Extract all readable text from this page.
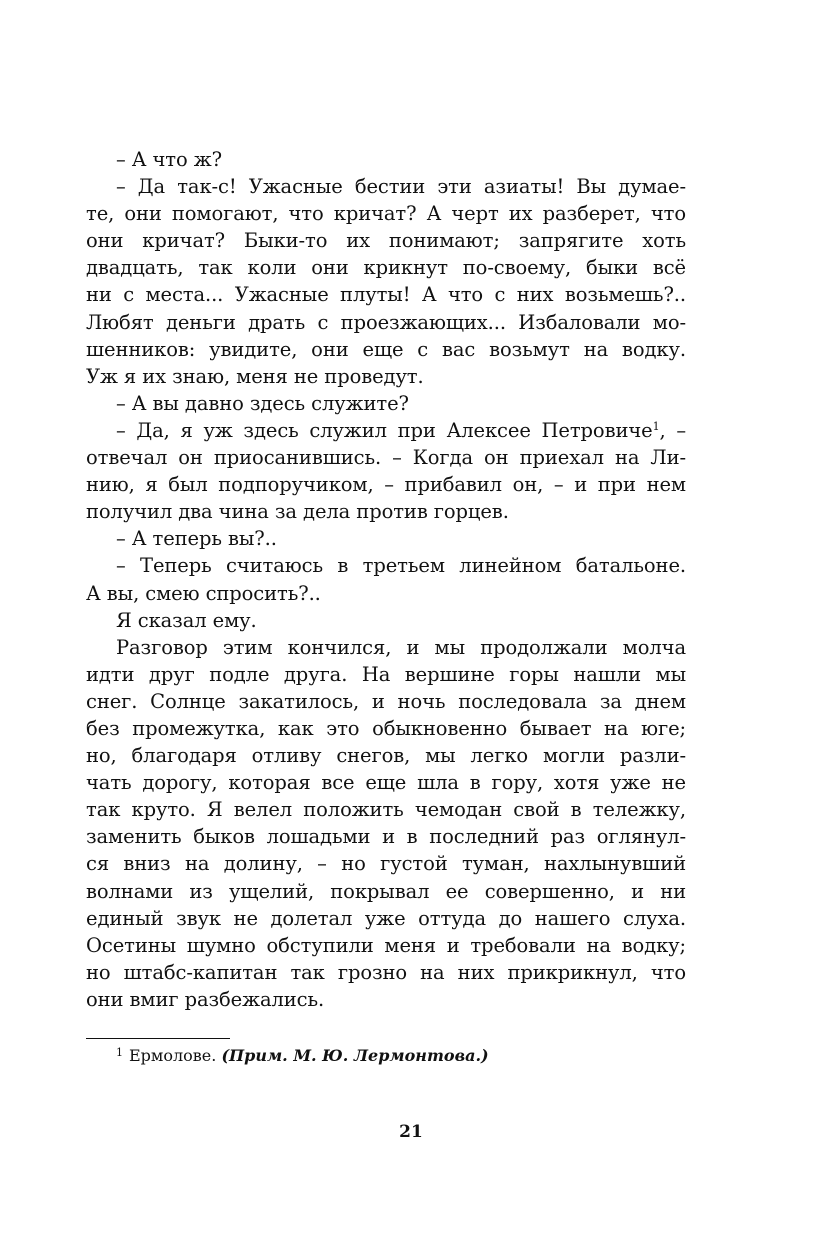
– А что ж?

– Да так-с! Ужасные бестии эти азиаты! Вы думае-
те, они помогают, что кричат? А черт их разберет, что
они кричат? Быки-то их понимают; запрягите хоть
двадцать, так коли они крикнут по-своему, быки всё
ни с места... Ужасные плуты! А что с них возьмешь?..
Любят деньги драть с проезжающих... Избаловали мо-
шенников: увидите, они еще с вас возьмут на водку.
Уж я их знаю, меня не проведут.

– А вы давно здесь служите?

– Да, я уж здесь служил при Алексее Петровиче$^1$, –
отвечал он приосанившись. – Когда он приехал на Ли-
нию, я был подпоручиком, – прибавил он, – и при нем
получил два чина за дела против горцев.

– А теперь вы?..

– Теперь считаюсь в третьем линейном батальоне.
А вы, смею спросить?..

Я сказал ему.

Разговор этим кончился, и мы продолжали молча
идти друг подле друга. На вершине горы нашли мы
снег. Солнце закатилось, и ночь последовала за днем
без промежутка, как это обыкновенно бывает на юге;
но, благодаря отливу снегов, мы легко могли разли-
чать дорогу, которая все еще шла в гору, хотя уже не
так круто. Я велел положить чемодан свой в тележку,
заменить быков лошадьми и в последний раз оглянул-
ся вниз на долину, – но густой туман, нахлынувший
волнами из ущелий, покрывал ее совершенно, и ни
единый звук не долетал уже оттуда до нашего слуха.
Осетины шумно обступили меня и требовали на водку;
но штабс-капитан так грозно на них прикрикнул, что
они вмиг разбежались.

$^1$ Ермолове. (Прим. М. Ю. Лермонтова.)
21
